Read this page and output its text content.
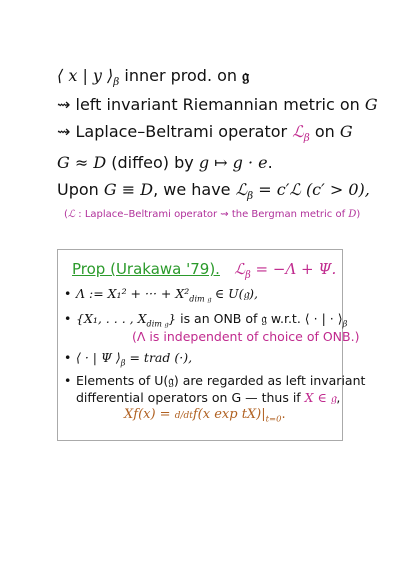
⟨ x | y $⟩_\beta$ inner prod. on 𝔤
⇝ left invariant Riemannian metric on G
⇝ Laplace–Beltrami operator ℒ$_\beta$ on G
G ≈ D (diffeo) by g ↦ g · e.
Upon G ≡ D, we have ℒ$_\beta$ = c′ℒ (c′ > 0),
(ℒ : Laplace–Beltrami operator ⇝ the Bergman metric of D)
Prop (Urakawa '79). ℒ$_\beta$ = −Λ + Ψ.
• Λ := X₁² + ··· + $X^2_{dim 𝔤}$ ∈ U(𝔤),
• {X₁, . . . , $X_{dim 𝔤}$} is an ONB of 𝔤 w.r.t. ⟨ · | · $⟩_\beta$
(Λ is independent of choice of ONB.)
• ⟨ · | Ψ $⟩_\beta$ = trad (·),
• Elements of U(𝔤) are regarded as left invariant
differential operators on G — thus if X ∈ 𝔤,
Xf(x) = d/dtf(x $\exp tX)|_{t=0}$.
